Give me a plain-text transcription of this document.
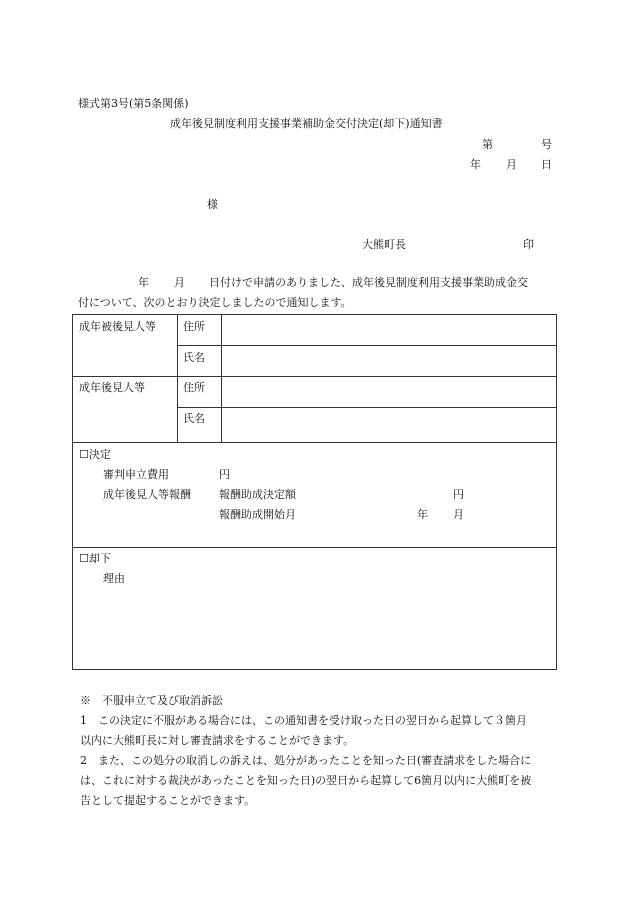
様式第3号(第5条関係)
成年後見制度利用支援事業補助金交付決定(却下)通知書
第	号
年 月 日
様
大熊町長	印
年 月 日付けで申請のありました、成年後見制度利用支援事業助成金交
付について、次のとおり決定しましたので通知します。
成年被後見人等 住所
氏名
成年後見人等	住所
氏名
☐決定
審判申立費用	円
成年後見人等報酬	報酬助成決定額	円
報酬助成開始月	年 月
☐却下
理由
※　不服申立て及び取消訴訟
1　この決定に不服がある場合には、この通知書を受け取った日の翌日から起算して３箇月
以内に大熊町長に対し審査請求をすることができます。
2　また、この処分の取消しの訴えは、処分があったことを知った日(審査請求をした場合に
は、これに対する裁決があったことを知った日)の翌日から起算して6箇月以内に大熊町を被
告として提起することができます。
